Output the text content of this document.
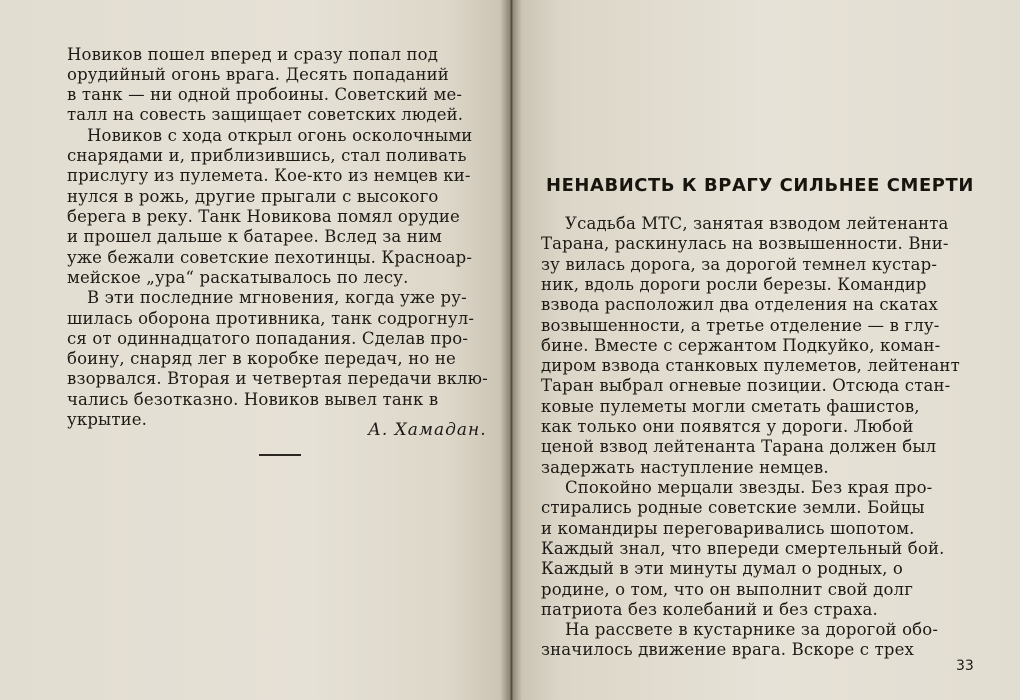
Новиков пошел вперед и сразу попал под
орудийный огонь врага. Десять попаданий
в танк — ни одной пробоины. Советский ме-
талл на совесть защищает советских людей.
Новиков с хода открыл огонь осколочными
снарядами и, приблизившись, стал поливать
прислугу из пулемета. Кое-кто из немцев ки-
нулся в рожь, другие прыгали с высокого
берега в реку. Танк Новикова помял орудие
и прошел дальше к батарее. Вслед за ним
уже бежали советские пехотинцы. Красноар-
мейское „ура“ раскатывалось по лесу.
В эти последние мгновения, когда уже ру-
шилась оборона противника, танк содрогнул-
ся от одиннадцатого попадания. Сделав про-
боину, снаряд лег в коробке передач, но не
взорвался. Вторая и четвертая передачи вклю-
чались безотказно. Новиков вывел танк в
укрытие.
А. Хамадан.
НЕНАВИСТЬ К ВРАГУ СИЛЬНЕЕ СМЕРТИ
Усадьба МТС, занятая взводом лейтенанта
Тарана, раскинулась на возвышенности. Вни-
зу вилась дорога, за дорогой темнел кустар-
ник, вдоль дороги росли березы. Командир
взвода расположил два отделения на скатах
возвышенности, а третье отделение — в глу-
бине. Вместе с сержантом Подкуйко, коман-
диром взвода станковых пулеметов, лейтенант
Таран выбрал огневые позиции. Отсюда стан-
ковые пулеметы могли сметать фашистов,
как только они появятся у дороги. Любой
ценой взвод лейтенанта Тарана должен был
задержать наступление немцев.
Спокойно мерцали звезды. Без края про-
стирались родные советские земли. Бойцы
и командиры переговаривались шопотом.
Каждый знал, что впереди смертельный бой.
Каждый в эти минуты думал о родных, о
родине, о том, что он выполнит свой долг
патриота без колебаний и без страха.
На рассвете в кустарнике за дорогой обо-
значилось движение врага. Вскоре с трех
33
